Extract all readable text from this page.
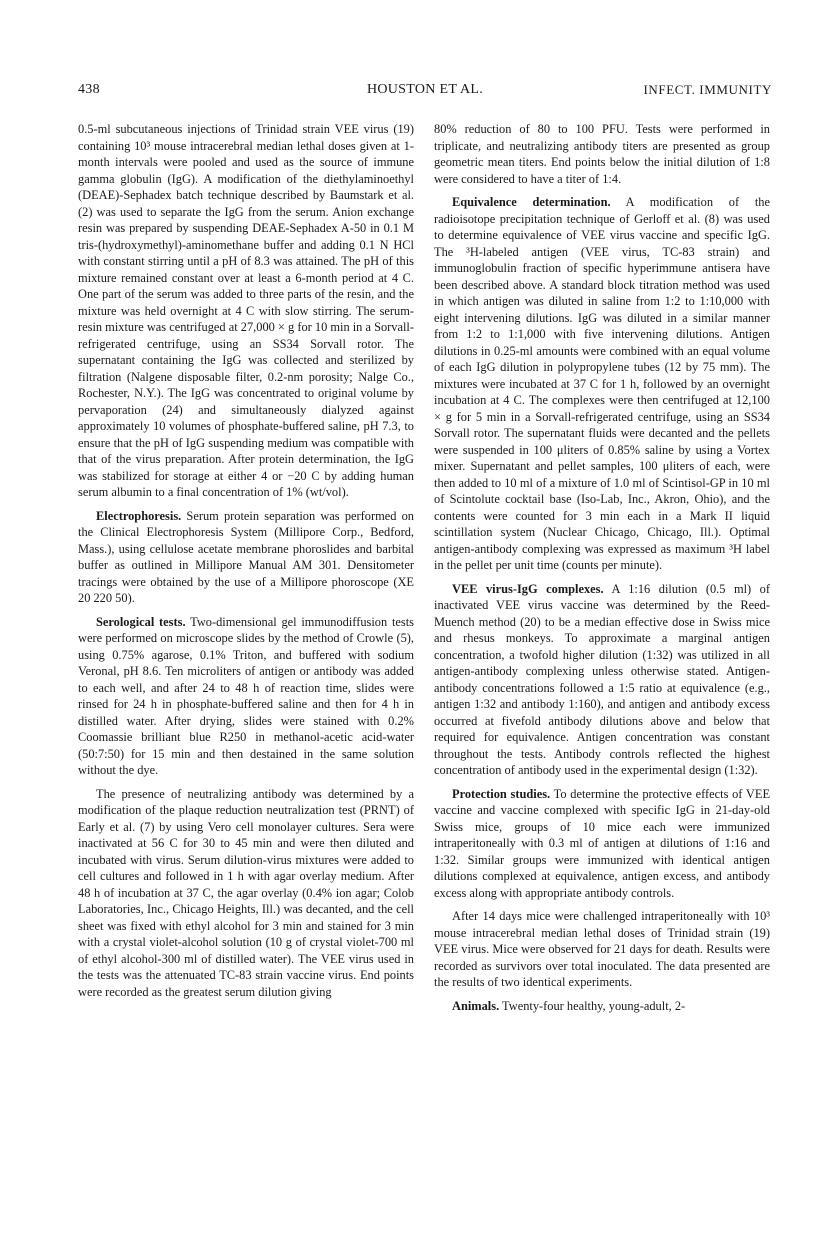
438	HOUSTON ET AL.	INFECT. IMMUNITY

0.5-ml subcutaneous injections of Trinidad strain VEE virus (19) containing 10³ mouse intracerebral median lethal doses given at 1-month intervals were pooled and used as the source of immune gamma globulin (IgG). A modification of the diethylaminoethyl (DEAE)-Sephadex batch technique described by Baumstark et al. (2) was used to separate the IgG from the serum. Anion exchange resin was prepared by suspending DEAE-Sephadex A-50 in 0.1 M tris-(hydroxymethyl)-aminomethane buffer and adding 0.1 N HCl with constant stirring until a pH of 8.3 was attained. The pH of this mixture remained constant over at least a 6-month period at 4 C. One part of the serum was added to three parts of the resin, and the mixture was held overnight at 4 C with slow stirring. The serum-resin mixture was centrifuged at 27,000 × g for 10 min in a Sorvall-refrigerated centrifuge, using an SS34 Sorvall rotor. The supernatant containing the IgG was collected and sterilized by filtration (Nalgene disposable filter, 0.2-nm porosity; Nalge Co., Rochester, N.Y.). The IgG was concentrated to original volume by pervaporation (24) and simultaneously dialyzed against approximately 10 volumes of phosphate-buffered saline, pH 7.3, to ensure that the pH of IgG suspending medium was compatible with that of the virus preparation. After protein determination, the IgG was stabilized for storage at either 4 or −20 C by adding human serum albumin to a final concentration of 1% (wt/vol).

Electrophoresis. Serum protein separation was performed on the Clinical Electrophoresis System (Millipore Corp., Bedford, Mass.), using cellulose acetate membrane phoroslides and barbital buffer as outlined in Millipore Manual AM 301. Densitometer tracings were obtained by the use of a Millipore phoroscope (XE 20 220 50).

Serological tests. Two-dimensional gel immunodiffusion tests were performed on microscope slides by the method of Crowle (5), using 0.75% agarose, 0.1% Triton, and buffered with sodium Veronal, pH 8.6. Ten microliters of antigen or antibody was added to each well, and after 24 to 48 h of reaction time, slides were rinsed for 24 h in phosphate-buffered saline and then for 4 h in distilled water. After drying, slides were stained with 0.2% Coomassie brilliant blue R250 in methanol-acetic acid-water (50:7:50) for 15 min and then destained in the same solution without the dye.

The presence of neutralizing antibody was determined by a modification of the plaque reduction neutralization test (PRNT) of Early et al. (7) by using Vero cell monolayer cultures. Sera were inactivated at 56 C for 30 to 45 min and were then diluted and incubated with virus. Serum dilution-virus mixtures were added to cell cultures and followed in 1 h with agar overlay medium. After 48 h of incubation at 37 C, the agar overlay (0.4% ion agar; Colob Laboratories, Inc., Chicago Heights, Ill.) was decanted, and the cell sheet was fixed with ethyl alcohol for 3 min and stained for 3 min with a crystal violet-alcohol solution (10 g of crystal violet-700 ml of ethyl alcohol-300 ml of distilled water). The VEE virus used in the tests was the attenuated TC-83 strain vaccine virus. End points were recorded as the greatest serum dilution giving

80% reduction of 80 to 100 PFU. Tests were performed in triplicate, and neutralizing antibody titers are presented as group geometric mean titers. End points below the initial dilution of 1:8 were considered to have a titer of 1:4.

Equivalence determination. A modification of the radioisotope precipitation technique of Gerloff et al. (8) was used to determine equivalence of VEE virus vaccine and specific IgG. The ³H-labeled antigen (VEE virus, TC-83 strain) and immunoglobulin fraction of specific hyperimmune antisera have been described above. A standard block titration method was used in which antigen was diluted in saline from 1:2 to 1:10,000 with eight intervening dilutions. IgG was diluted in a similar manner from 1:2 to 1:1,000 with five intervening dilutions. Antigen dilutions in 0.25-ml amounts were combined with an equal volume of each IgG dilution in polypropylene tubes (12 by 75 mm). The mixtures were incubated at 37 C for 1 h, followed by an overnight incubation at 4 C. The complexes were then centrifuged at 12,100 × g for 5 min in a Sorvall-refrigerated centrifuge, using an SS34 Sorvall rotor. The supernatant fluids were decanted and the pellets were suspended in 100 μliters of 0.85% saline by using a Vortex mixer. Supernatant and pellet samples, 100 μliters of each, were then added to 10 ml of a mixture of 1.0 ml of Scintisol-GP in 10 ml of Scintolute cocktail base (Iso-Lab, Inc., Akron, Ohio), and the contents were counted for 3 min each in a Mark II liquid scintillation system (Nuclear Chicago, Chicago, Ill.). Optimal antigen-antibody complexing was expressed as maximum ³H label in the pellet per unit time (counts per minute).

VEE virus-IgG complexes. A 1:16 dilution (0.5 ml) of inactivated VEE virus vaccine was determined by the Reed-Muench method (20) to be a median effective dose in Swiss mice and rhesus monkeys. To approximate a marginal antigen concentration, a twofold higher dilution (1:32) was utilized in all antigen-antibody complexing unless otherwise stated. Antigen-antibody concentrations followed a 1:5 ratio at equivalence (e.g., antigen 1:32 and antibody 1:160), and antigen and antibody excess occurred at fivefold antibody dilutions above and below that required for equivalence. Antigen concentration was constant throughout the tests. Antibody controls reflected the highest concentration of antibody used in the experimental design (1:32).

Protection studies. To determine the protective effects of VEE vaccine and vaccine complexed with specific IgG in 21-day-old Swiss mice, groups of 10 mice each were immunized intraperitoneally with 0.3 ml of antigen at dilutions of 1:16 and 1:32. Similar groups were immunized with identical antigen dilutions complexed at equivalence, antigen excess, and antibody excess along with appropriate antibody controls.

After 14 days mice were challenged intraperitoneally with 10³ mouse intracerebral median lethal doses of Trinidad strain (19) VEE virus. Mice were observed for 21 days for death. Results were recorded as survivors over total inoculated. The data presented are the results of two identical experiments.

Animals. Twenty-four healthy, young-adult, 2-
